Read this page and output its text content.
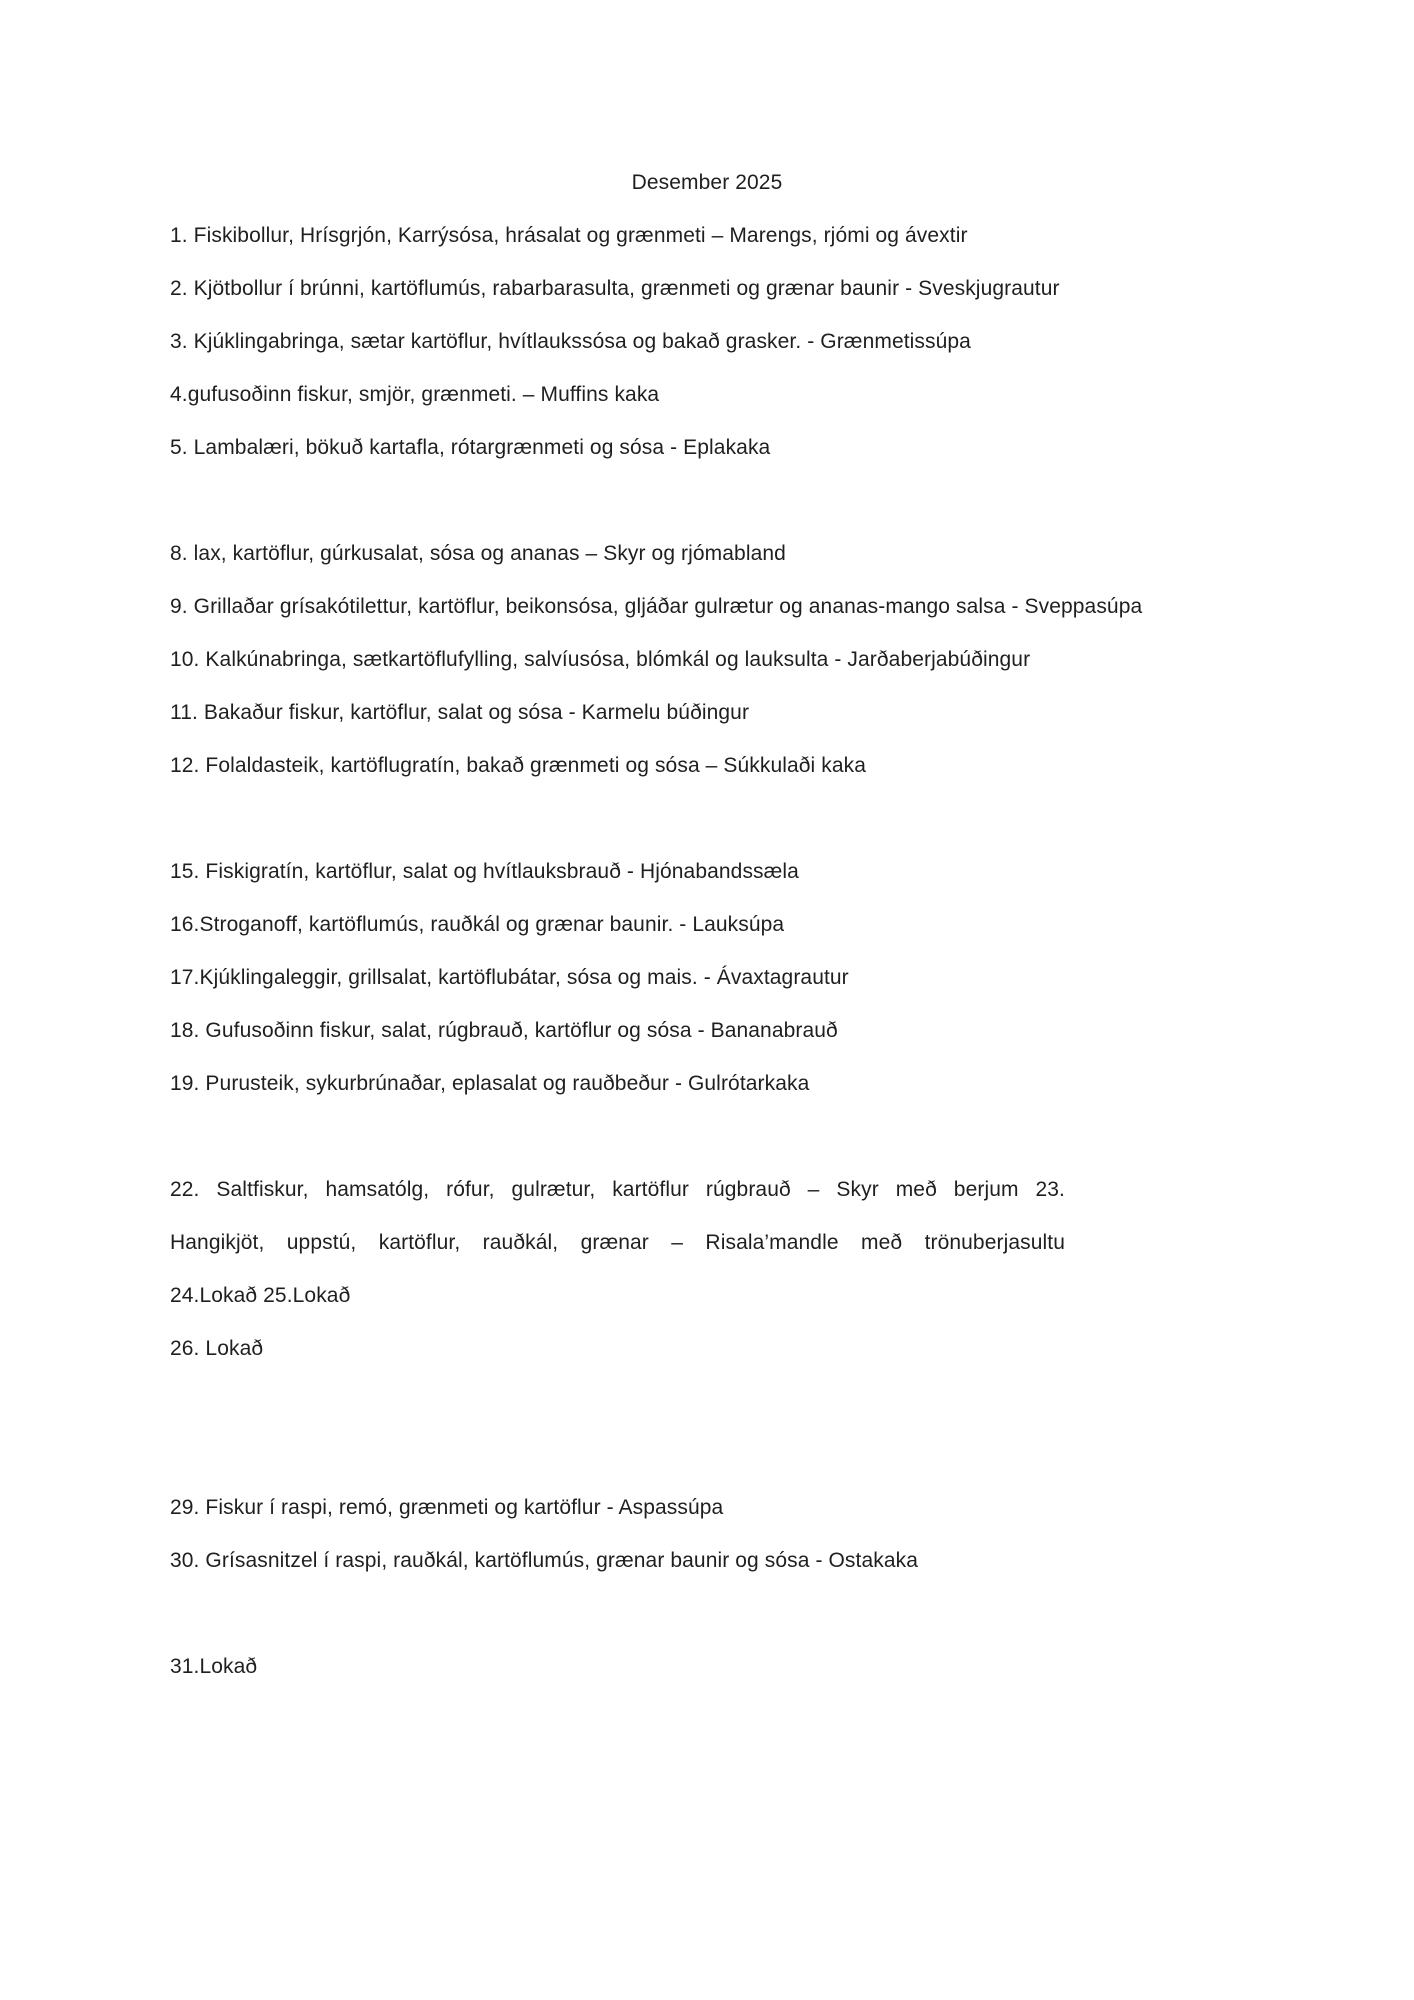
Desember 2025
1. Fiskibollur, Hrísgrjón, Karrýsósa, hrásalat og grænmeti – Marengs, rjómi og ávextir
2. Kjötbollur í brúnni, kartöflumús, rabarbarasulta, grænmeti og grænar baunir - Sveskjugrautur
3. Kjúklingabringa, sætar kartöflur, hvítlaukssósa og bakað grasker. - Grænmetissúpa
4.gufusoðinn fiskur, smjör, grænmeti. – Muffins kaka
5. Lambalæri, bökuð kartafla, rótargrænmeti og sósa - Eplakaka
8. lax, kartöflur, gúrkusalat, sósa og ananas – Skyr og rjómabland
9. Grillaðar grísakótilettur, kartöflur, beikonsósa, gljáðar gulrætur og ananas-mango salsa - Sveppasúpa
10. Kalkúnabringa, sætkartöflufylling, salvíusósa, blómkál og lauksulta - Jarðaberjabúðingur
11. Bakaður fiskur, kartöflur, salat og sósa - Karmelu búðingur
12. Folaldasteik, kartöflugratín, bakað grænmeti og sósa – Súkkulaði kaka
15. Fiskigratín, kartöflur, salat og hvítlauksbrauð - Hjónabandssæla
16.Stroganoff, kartöflumús, rauðkál og grænar baunir. - Lauksúpa
17.Kjúklingaleggir, grillsalat, kartöflubátar, sósa og mais. - Ávaxtagrautur
18. Gufusoðinn fiskur, salat, rúgbrauð, kartöflur og sósa - Bananabrauð
19. Purusteik, sykurbrúnaðar, eplasalat og rauðbeður - Gulrótarkaka
22. Saltfiskur, hamsatólg, rófur, gulrætur, kartöflur rúgbrauð – Skyr með berjum 23.
Hangikjöt, uppstú, kartöflur, rauðkál, grænar – Risala’mandle með trönuberjasultu
24.Lokað 25.Lokað
26. Lokað
29. Fiskur í raspi, remó, grænmeti og kartöflur - Aspassúpa
30. Grísasnitzel í raspi, rauðkál, kartöflumús, grænar baunir og sósa - Ostakaka
31.Lokað
